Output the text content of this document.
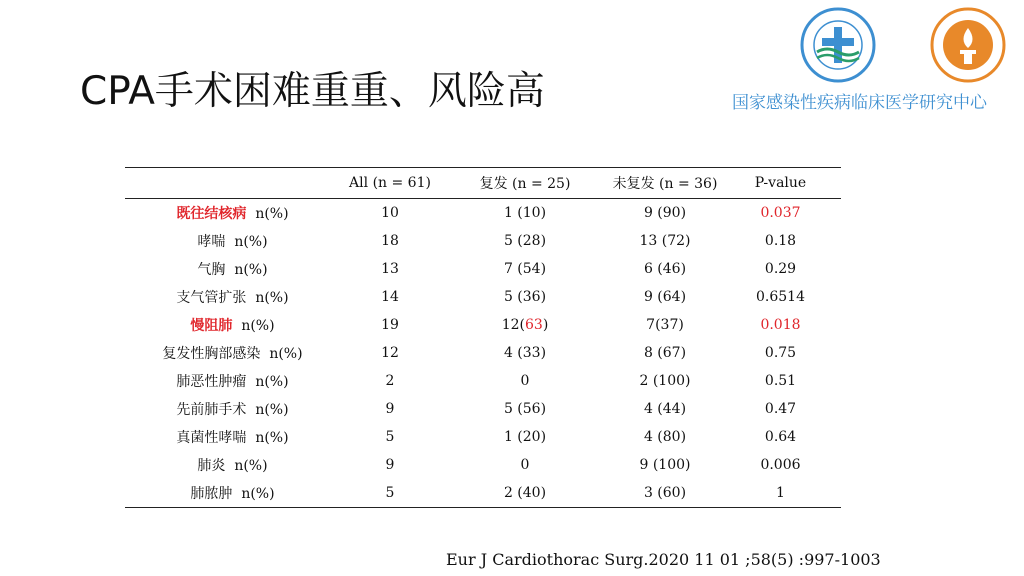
CPA手术困难重重、风险高	国家感染性疾病临床医学研究中心
	All (n = 61)	复发 (n = 25)	未复发 (n = 36)	P-value
既往结核病 n(%)	10	1 (10)	9 (90)	0.037
哮喘 n(%)	18	5 (28)	13 (72)	0.18
气胸 n(%)	13	7 (54)	6 (46)	0.29
支气管扩张 n(%)	14	5 (36)	9 (64)	0.6514
慢阻肺 n(%)	19	12(63)	7(37)	0.018
复发性胸部感染 n(%)	12	4 (33)	8 (67)	0.75
肺恶性肿瘤 n(%)	2	0	2 (100)	0.51
先前肺手术 n(%)	9	5 (56)	4 (44)	0.47
真菌性哮喘 n(%)	5	1 (20)	4 (80)	0.64
肺炎 n(%)	9	0	9 (100)	0.006
肺脓肿 n(%)	5	2 (40)	3 (60)	1
Eur J Cardiothorac Surg.2020 11 01 ;58(5) :997-1003
